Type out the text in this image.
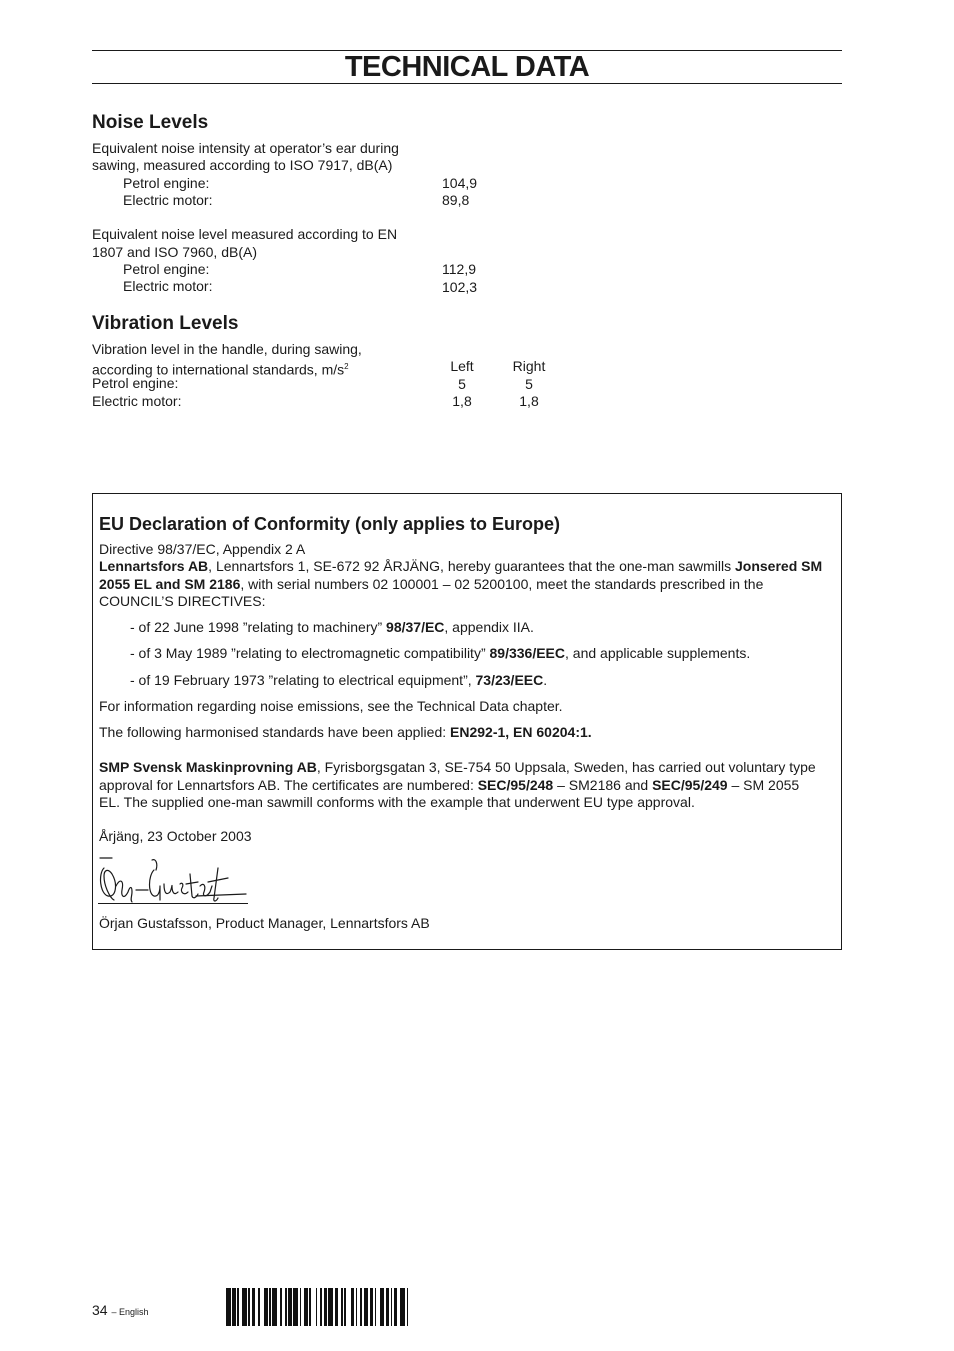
TECHNICAL DATA
Noise Levels
Equivalent noise intensity at operator’s ear during
sawing, measured according to ISO 7917, dB(A)
Petrol engine:	104,9
Electric motor:	89,8
Equivalent noise level measured according to EN
1807 and ISO 7960, dB(A)
Petrol engine:	112,9
Electric motor:	102,3
Vibration Levels
Vibration level in the handle, during sawing,
according to international standards, $m/s^2$	Left	Right
Petrol engine:	5	5
Electric motor:	1,8	1,8
EU Declaration of Conformity (only applies to Europe)
Directive 98/37/EC, Appendix 2 A
Lennartsfors AB, Lennartsfors 1, SE-672 92 ÅRJÄNG, hereby guarantees that the one-man sawmills Jonsered SM 2055 EL and SM 2186, with serial numbers 02 100001 – 02 5200100, meet the standards prescribed in the COUNCIL’S DIRECTIVES:
- of 22 June 1998 ”relating to machinery” 98/37/EC, appendix IIA.
- of 3 May 1989 ”relating to electromagnetic compatibility” 89/336/EEC, and applicable supplements.
- of 19 February 1973 ”relating to electrical equipment”, 73/23/EEC.
For information regarding noise emissions, see the Technical Data chapter.
The following harmonised standards have been applied: EN292-1, EN 60204:1.
SMP Svensk Maskinprovning AB, Fyrisborgsgatan 3, SE-754 50 Uppsala, Sweden, has carried out voluntary type approval for Lennartsfors AB. The certificates are numbered: SEC/95/248 – SM2186 and SEC/95/249 – SM 2055 EL. The supplied one-man sawmill conforms with the example that underwent EU type approval.
Årjäng, 23 October 2003
Örjan Gustafsson, Product Manager, Lennartsfors AB
34 – English
